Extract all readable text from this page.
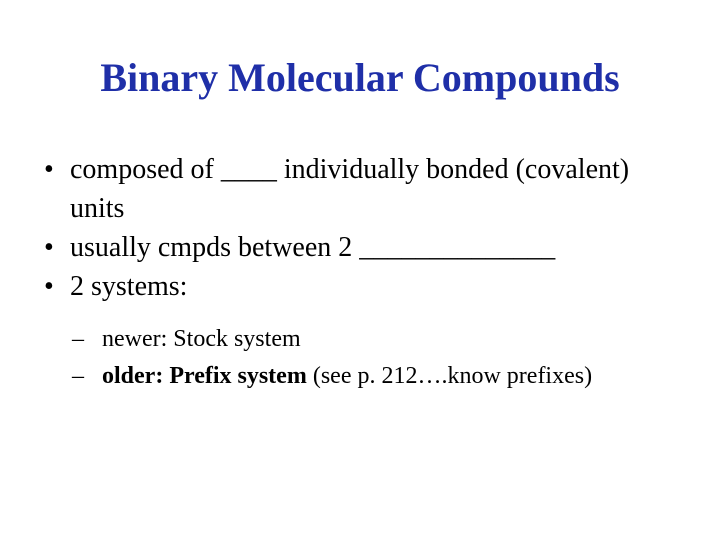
Binary Molecular Compounds
• composed of ____ individually bonded (covalent) units
• usually cmpds between 2 ______________
• 2 systems:
– newer: Stock system
– older: Prefix system (see p. 212….know prefixes)
